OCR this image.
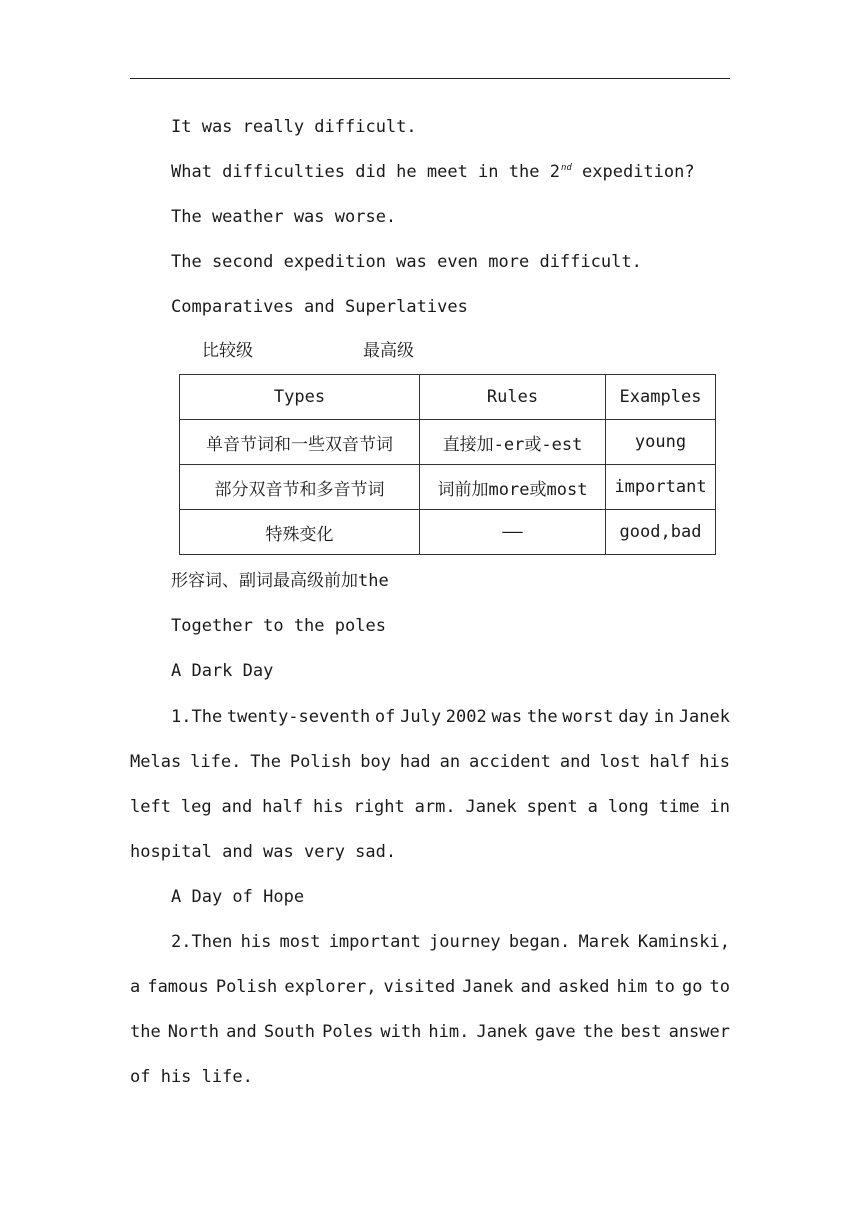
It was really difficult.
What difficulties did he meet in the 2nd expedition?
The weather was worse.
The second expedition was even more difficult.
Comparatives and Superlatives
比较级	最高级
Types	Rules	Examples
单音节词和一些双音节词	直接加-er或-est	young
部分双音节和多音节词	词前加more或most	important
特殊变化	——	good,bad
形容词、副词最高级前加the
Together to the poles
A Dark Day
1.The twenty-seventh of July 2002 was the worst day in Janek
Melas life. The Polish boy had an accident and lost half his
left leg and half his right arm. Janek spent a long time in
hospital and was very sad.
A Day of Hope
2.Then his most important journey began. Marek Kaminski,
a famous Polish explorer, visited Janek and asked him to go to
the North and South Poles with him. Janek gave the best answer
of his life.
